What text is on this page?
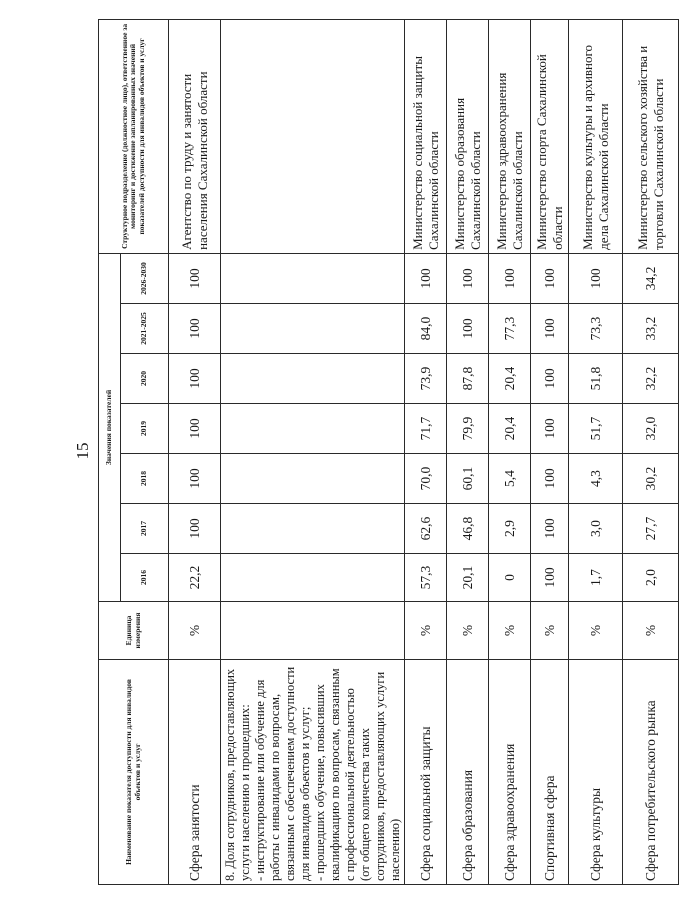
15
Наименование показателя доступности для инвалидов объектов и услуг	Единица измерения	Значения показателей							Структурное подразделение (должностное лицо), ответственное за мониторинг и достижение запланированных значений показателей доступности для инвалидов объектов и услуг
		2016	2017	2018	2019	2020	2021-2025	2026-2030	
Сфера занятости	%	22,2	100	100	100	100	100	100	Агентство по труду и занятости населения Сахалинской области
8. Доля сотрудников, предоставляющих услуги населению и прошедших:
- инструктирование или обучение для работы с инвалидами по вопросам, связанным с обеспечением доступности для инвалидов объектов и услуг;
- прошедших обучение, повысивших квалификацию по вопросам, связанным с профессиональной деятельностью
(от общего количества таких сотрудников, предоставляющих услуги населению)									
Сфера социальной защиты	%	57,3	62,6	70,0	71,7	73,9	84,0	100	Министерство социальной защиты Сахалинской области
Сфера образования	%	20,1	46,8	60,1	79,9	87,8	100	100	Министерство образования Сахалинской области
Сфера здравоохранения	%	0	2,9	5,4	20,4	20,4	77,3	100	Министерство здравоохранения Сахалинской области
Спортивная сфера	%	100	100	100	100	100	100	100	Министерство спорта Сахалинской области
Сфера культуры	%	1,7	3,0	4,3	51,7	51,8	73,3	100	Министерство культуры и архивного дела Сахалинской области
Сфера потребительского рынка	%	2,0	27,7	30,2	32,0	32,2	33,2	34,2	Министерство сельского хозяйства и торговли Сахалинской области
